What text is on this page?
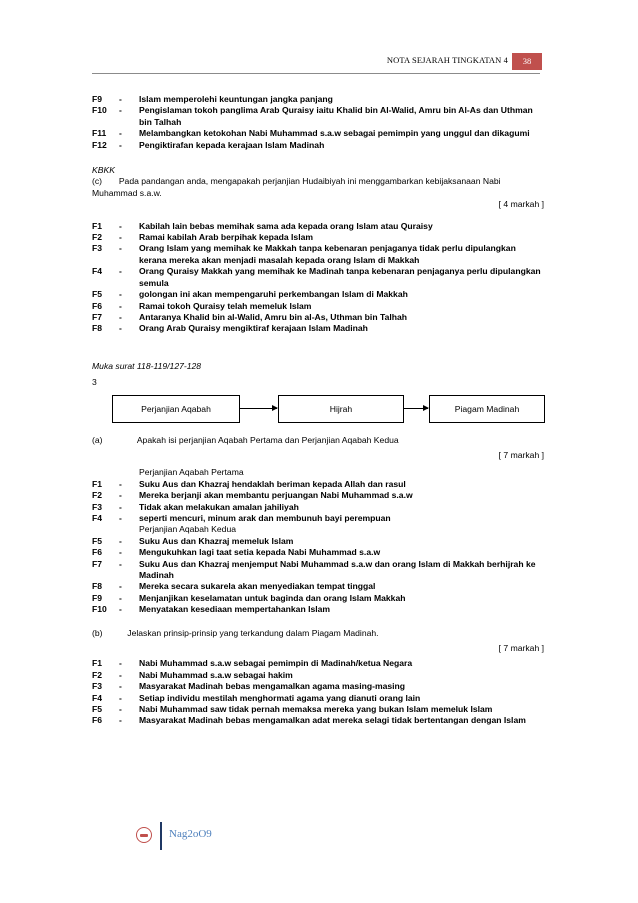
NOTA SEJARAH TINGKATAN 4	38
F9	-	Islam memperolehi keuntungan jangka panjang
F10	-	Pengislaman tokoh panglima Arab Quraisy iaitu Khalid bin Al-Walid, Amru bin Al-As dan Uthman bin Talhah
F11	-	Melambangkan ketokohan Nabi Muhammad s.a.w sebagai pemimpin yang unggul dan dikagumi
F12	-	Pengiktirafan kepada kerajaan Islam Madinah
KBKK
(c) Pada pandangan anda, mengapakah perjanjian Hudaibiyah ini menggambarkan kebijaksanaan Nabi Muhammad s.a.w.
[ 4 markah ]
F1	-	Kabilah lain bebas memihak sama ada kepada orang Islam atau Quraisy
F2	-	Ramai kabilah Arab berpihak kepada Islam
F3	-	Orang Islam yang memihak ke Makkah tanpa kebenaran penjaganya tidak perlu dipulangkan kerana mereka akan menjadi masalah kepada orang Islam di Makkah
F4	-	Orang Quraisy Makkah yang memihak ke Madinah tanpa kebenaran penjaganya perlu dipulangkan semula
F5	-	golongan ini akan mempengaruhi perkembangan Islam di Makkah
F6	-	Ramai tokoh Quraisy telah memeluk Islam
F7	-	Antaranya Khalid bin al-Walid, Amru bin al-As, Uthman bin Talhah
F8	-	Orang Arab Quraisy mengiktiraf kerajaan Islam Madinah
Muka surat 118-119/127-128
3
Perjanjian Aqabah	Hijrah	Piagam Madinah
(a)	Apakah isi perjanjian Aqabah Pertama dan Perjanjian Aqabah Kedua
[ 7 markah ]
Perjanjian Aqabah Pertama
F1	-	Suku Aus dan Khazraj hendaklah beriman kepada Allah dan rasul
F2	-	Mereka berjanji akan membantu perjuangan Nabi Muhammad s.a.w
F3	-	Tidak akan melakukan amalan jahiliyah
F4	-	seperti mencuri, minum arak dan membunuh bayi perempuan
Perjanjian Aqabah Kedua
F5	-	Suku Aus dan Khazraj memeluk Islam
F6	-	Mengukuhkan lagi taat setia kepada Nabi Muhammad s.a.w
F7	-	Suku Aus dan Khazraj menjemput Nabi Muhammad s.a.w dan orang Islam di Makkah berhijrah ke Madinah
F8	-	Mereka secara sukarela akan menyediakan tempat tinggal
F9	-	Menjanjikan keselamatan untuk baginda dan orang Islam Makkah
F10	-	Menyatakan kesediaan mempertahankan Islam
(b)	Jelaskan prinsip-prinsip yang terkandung dalam Piagam Madinah.
[ 7 markah ]
F1	-	Nabi Muhammad s.a.w sebagai pemimpin di Madinah/ketua Negara
F2	-	Nabi Muhammad s.a.w sebagai hakim
F3	-	Masyarakat Madinah bebas mengamalkan agama masing-masing
F4	-	Setiap individu mestilah menghormati agama yang dianuti orang lain
F5	-	Nabi Muhammad saw tidak pernah memaksa mereka yang bukan Islam memeluk Islam
F6	-	Masyarakat Madinah bebas mengamalkan adat mereka selagi tidak bertentangan dengan Islam
Nag2oO9
